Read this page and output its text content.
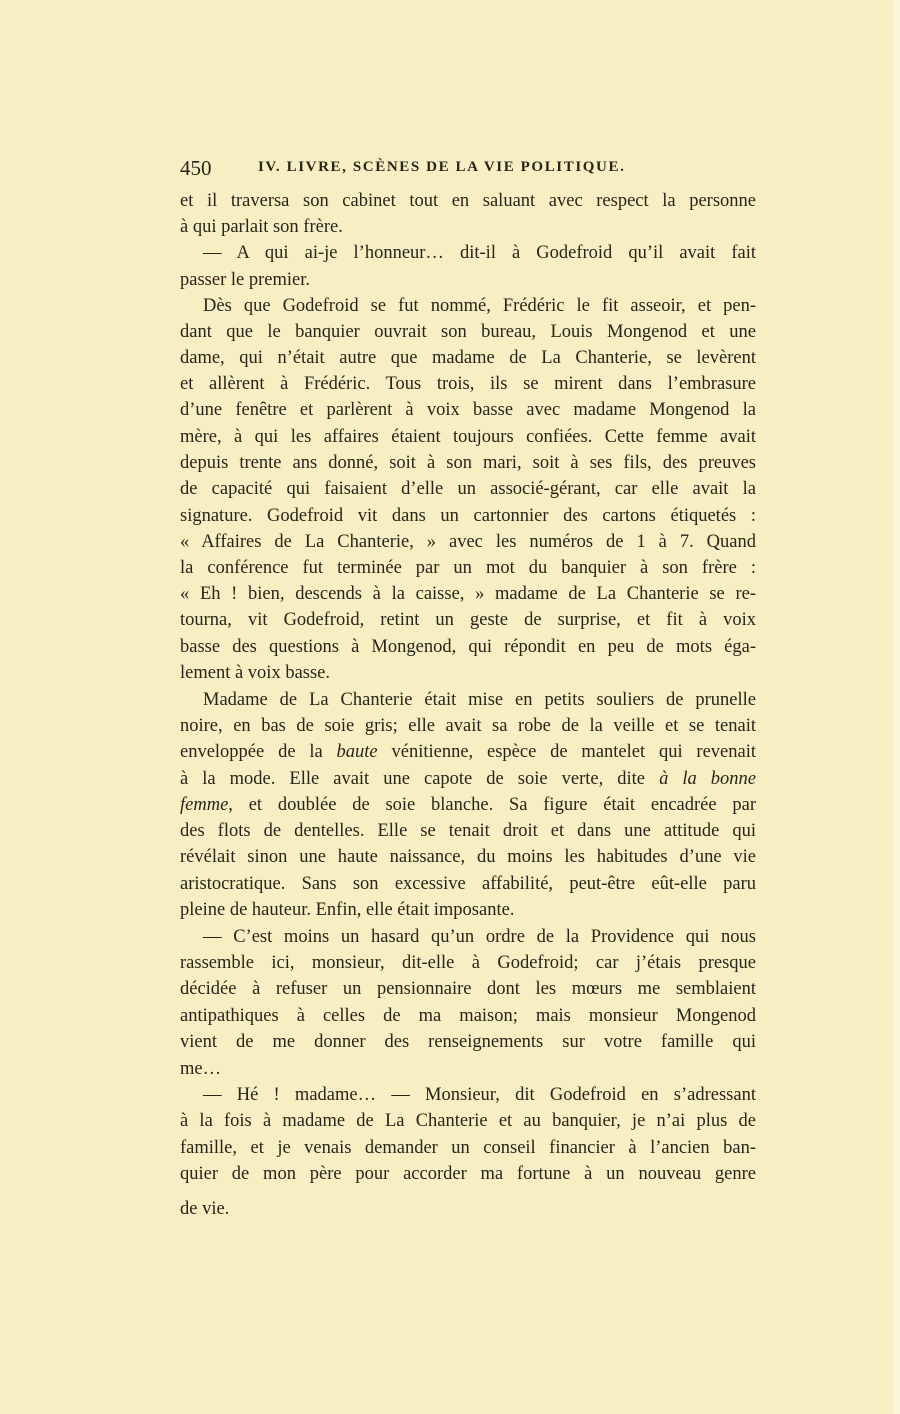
450	IV. LIVRE, SCÈNES DE LA VIE POLITIQUE.
et il traversa son cabinet tout en saluant avec respect la personne
à qui parlait son frère.
— A qui ai-je l’honneur… dit-il à Godefroid qu’il avait fait
passer le premier.
Dès que Godefroid se fut nommé, Frédéric le fit asseoir, et pen-
dant que le banquier ouvrait son bureau, Louis Mongenod et une
dame, qui n’était autre que madame de La Chanterie, se levèrent
et allèrent à Frédéric. Tous trois, ils se mirent dans l’embrasure
d’une fenêtre et parlèrent à voix basse avec madame Mongenod la
mère, à qui les affaires étaient toujours confiées. Cette femme avait
depuis trente ans donné, soit à son mari, soit à ses fils, des preuves
de capacité qui faisaient d’elle un associé-gérant, car elle avait la
signature. Godefroid vit dans un cartonnier des cartons étiquetés :
« Affaires de La Chanterie, » avec les numéros de 1 à 7. Quand
la conférence fut terminée par un mot du banquier à son frère :
« Eh ! bien, descends à la caisse, » madame de La Chanterie se re-
tourna, vit Godefroid, retint un geste de surprise, et fit à voix
basse des questions à Mongenod, qui répondit en peu de mots éga-
lement à voix basse.
Madame de La Chanterie était mise en petits souliers de prunelle
noire, en bas de soie gris; elle avait sa robe de la veille et se tenait
enveloppée de la baute vénitienne, espèce de mantelet qui revenait
à la mode. Elle avait une capote de soie verte, dite à la bonne
femme, et doublée de soie blanche. Sa figure était encadrée par
des flots de dentelles. Elle se tenait droit et dans une attitude qui
révélait sinon une haute naissance, du moins les habitudes d’une vie
aristocratique. Sans son excessive affabilité, peut-être eût-elle paru
pleine de hauteur. Enfin, elle était imposante.
— C’est moins un hasard qu’un ordre de la Providence qui nous
rassemble ici, monsieur, dit-elle à Godefroid; car j’étais presque
décidée à refuser un pensionnaire dont les mœurs me semblaient
antipathiques à celles de ma maison; mais monsieur Mongenod
vient de me donner des renseignements sur votre famille qui
me…
— Hé ! madame… — Monsieur, dit Godefroid en s’adressant
à la fois à madame de La Chanterie et au banquier, je n’ai plus de
famille, et je venais demander un conseil financier à l’ancien ban-
quier de mon père pour accorder ma fortune à un nouveau genre
de vie.
